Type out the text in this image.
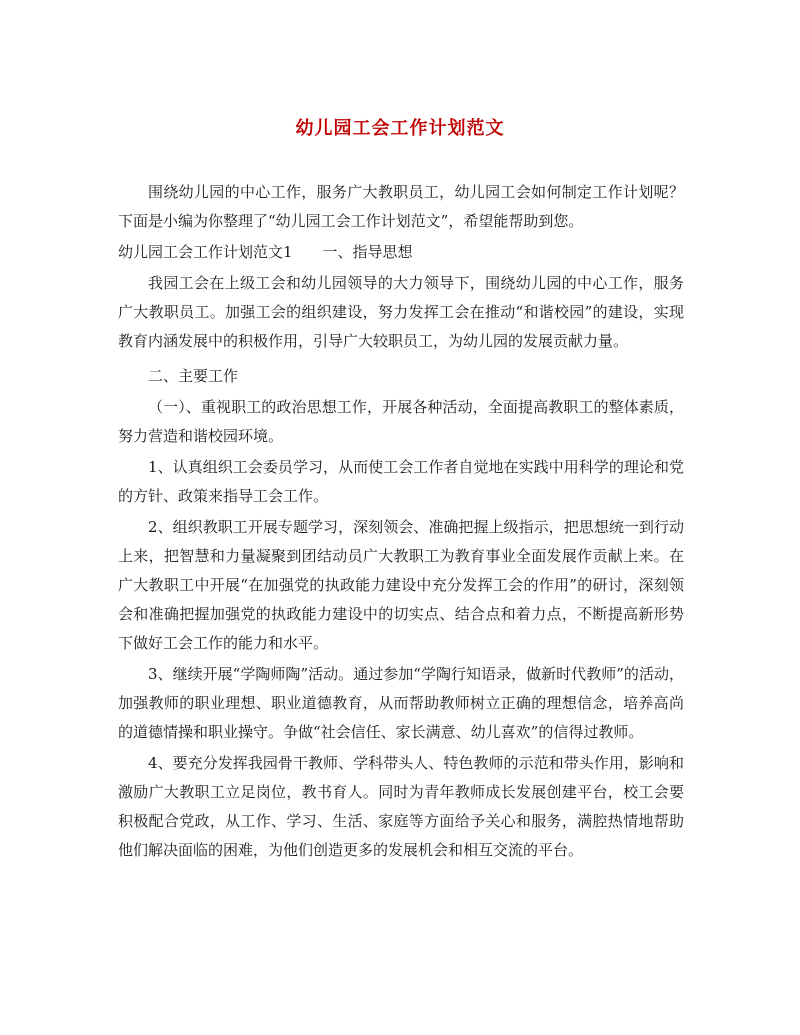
幼儿园工会工作计划范文

围绕幼儿园的中心工作，服务广大教职员工，幼儿园工会如何制定工作计划呢？下面是小编为你整理了“幼儿园工会工作计划范文”，希望能帮助到您。

幼儿园工会工作计划范文1 一、指导思想

我园工会在上级工会和幼儿园领导的大力领导下，围绕幼儿园的中心工作，服务广大教职员工。加强工会的组织建设，努力发挥工会在推动“和谐校园”的建设，实现教育内涵发展中的积极作用，引导广大较职员工，为幼儿园的发展贡献力量。

二、主要工作

（一）、重视职工的政治思想工作，开展各种活动，全面提高教职工的整体素质，努力营造和谐校园环境。

1、认真组织工会委员学习，从而使工会工作者自觉地在实践中用科学的理论和党的方针、政策来指导工会工作。

2、组织教职工开展专题学习，深刻领会、准确把握上级指示，把思想统一到行动上来，把智慧和力量凝聚到团结动员广大教职工为教育事业全面发展作贡献上来。在广大教职工中开展“在加强党的执政能力建设中充分发挥工会的作用”的研讨，深刻领会和准确把握加强党的执政能力建设中的切实点、结合点和着力点，不断提高新形势下做好工会工作的能力和水平。

3、继续开展“学陶师陶”活动。通过参加“学陶行知语录，做新时代教师”的活动，加强教师的职业理想、职业道德教育，从而帮助教师树立正确的理想信念，培养高尚的道德情操和职业操守。争做“社会信任、家长满意、幼儿喜欢”的信得过教师。

4、要充分发挥我园骨干教师、学科带头人、特色教师的示范和带头作用，影响和激励广大教职工立足岗位，教书育人。同时为青年教师成长发展创建平台，校工会要积极配合党政，从工作、学习、生活、家庭等方面给予关心和服务，满腔热情地帮助他们解决面临的困难，为他们创造更多的发展机会和相互交流的平台。
